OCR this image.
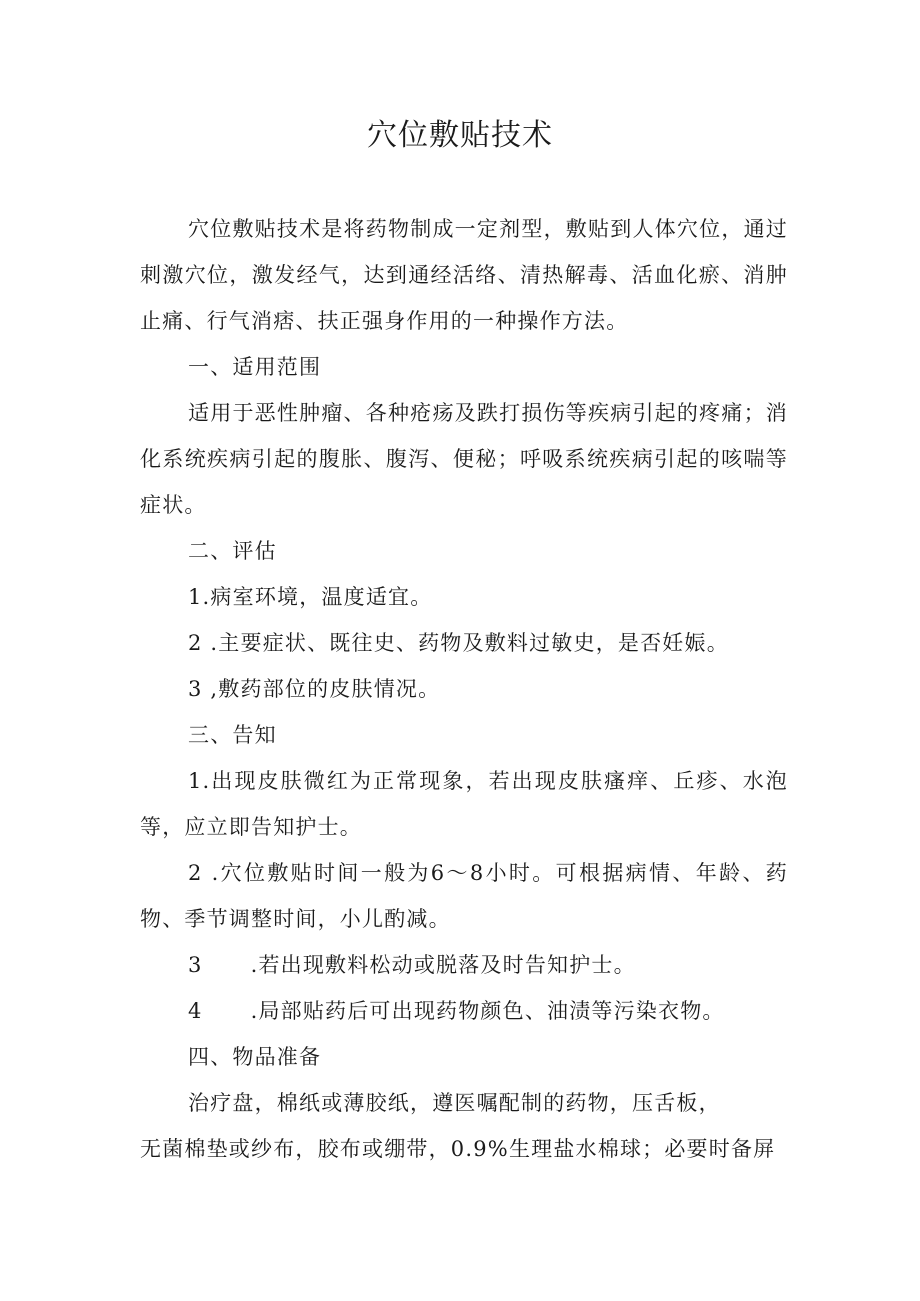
穴位敷贴技术

穴位敷贴技术是将药物制成一定剂型，敷贴到人体穴位，通过刺激穴位，激发经气，达到通经活络、清热解毒、活血化瘀、消肿止痛、行气消痞、扶正强身作用的一种操作方法。

一、适用范围

适用于恶性肿瘤、各种疮疡及跌打损伤等疾病引起的疼痛；消化系统疾病引起的腹胀、腹泻、便秘；呼吸系统疾病引起的咳喘等症状。

二、评估

1.病室环境，温度适宜。

2 .主要症状、既往史、药物及敷料过敏史，是否妊娠。

3 ,敷药部位的皮肤情况。

三、告知

1.出现皮肤微红为正常现象，若出现皮肤瘙痒、丘疹、水泡等，应立即告知护士。

2 .穴位敷贴时间一般为6～8小时。可根据病情、年龄、药物、季节调整时间，小儿酌减。

3 .若出现敷料松动或脱落及时告知护士。

4 .局部贴药后可出现药物颜色、油渍等污染衣物。

四、物品准备

治疗盘，棉纸或薄胶纸，遵医嘱配制的药物，压舌板，

无菌棉垫或纱布，胶布或绷带，0.9%生理盐水棉球；必要时备屏
